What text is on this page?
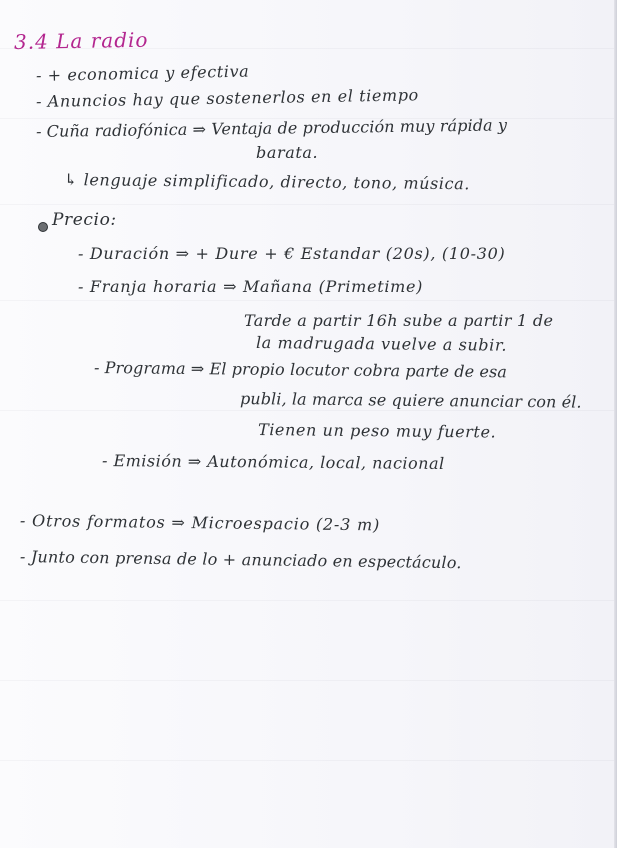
3.4 La radio
- + economica y efectiva
- Anuncios hay que sostenerlos en el tiempo
- Cuña radiofónica ⇒ Ventaja de producción muy rápida y
barata.
↳ lenguaje simplificado, directo, tono, música.
Precio:
- Duración ⇒ + Dure + € Estandar (20s), (10-30)
- Franja horaria ⇒ Mañana (Primetime)
Tarde a partir 16h sube a partir 1 de
la madrugada vuelve a subir.
- Programa ⇒ El propio locutor cobra parte de esa
publi, la marca se quiere anunciar con él.
Tienen un peso muy fuerte.
- Emisión ⇒ Autonómica, local, nacional
- Otros formatos ⇒ Microespacio (2-3 m)
- Junto con prensa de lo + anunciado en espectáculo.
